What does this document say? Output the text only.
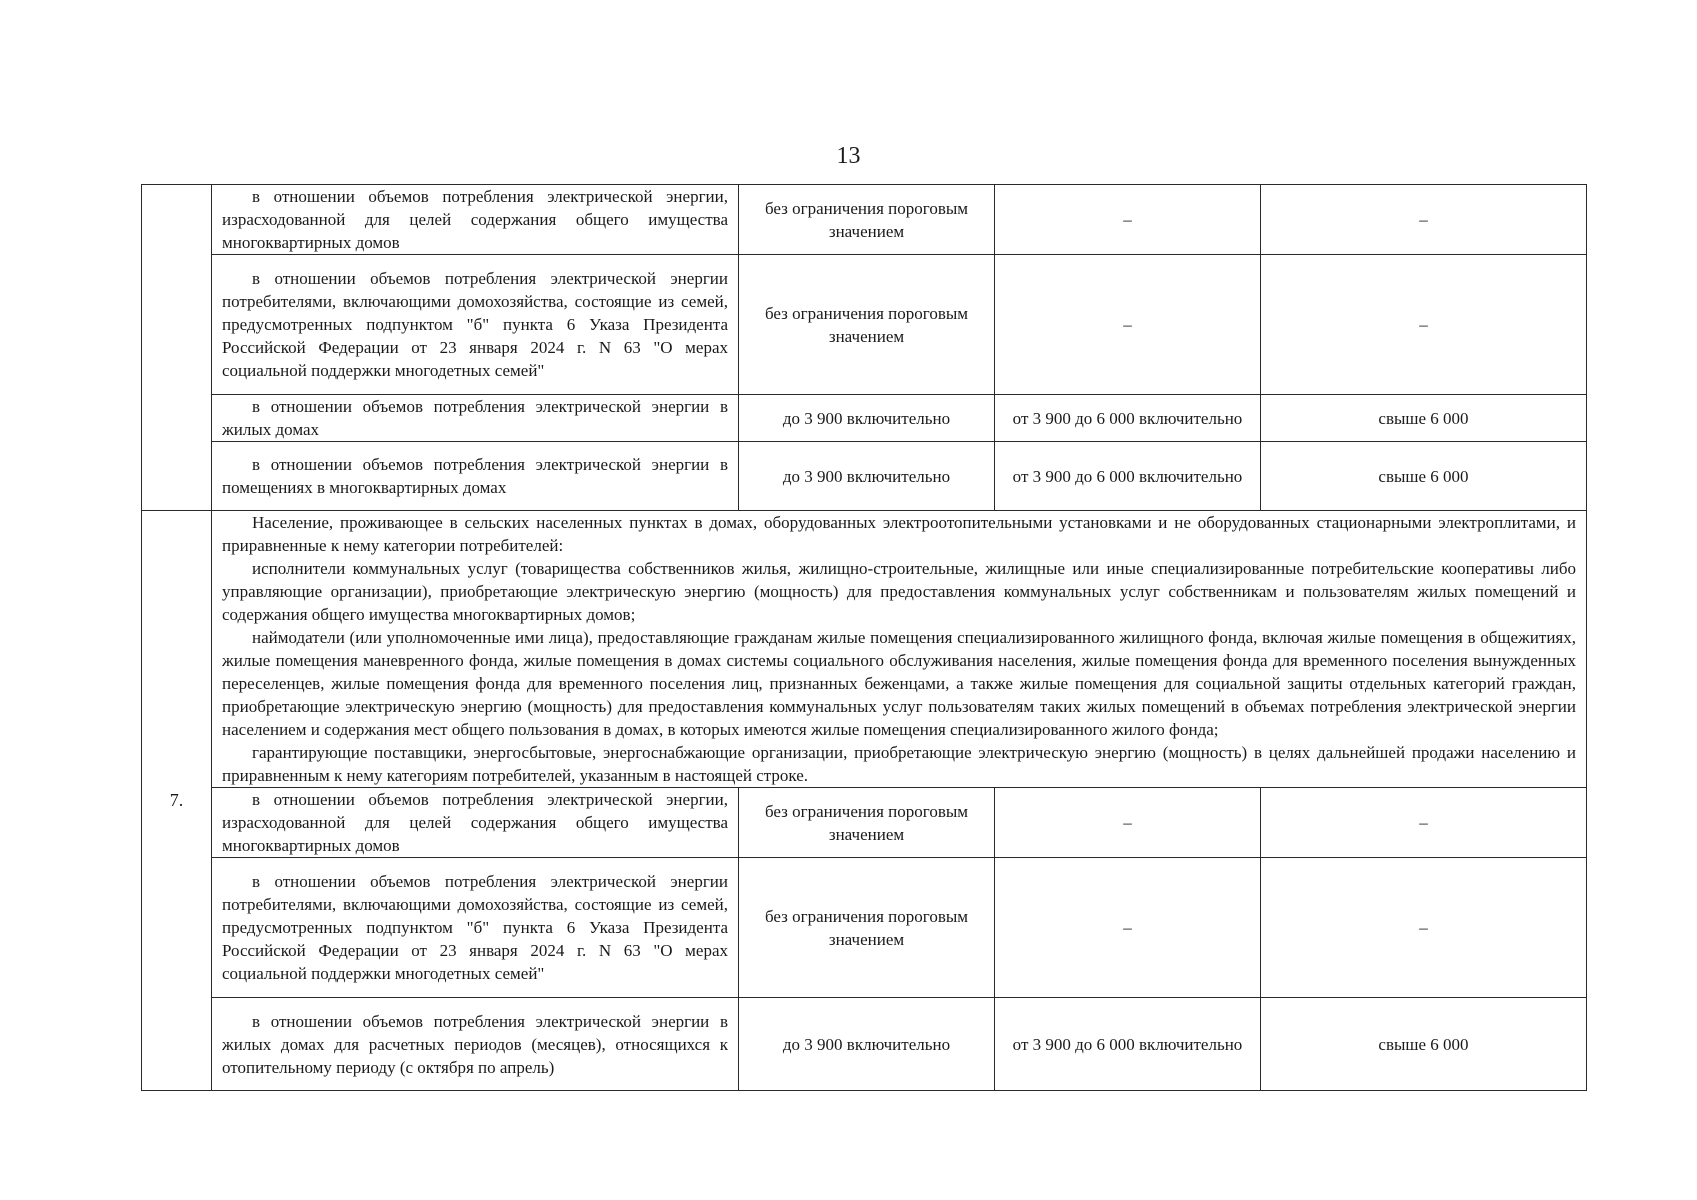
13
	в отношении объемов потребления электрической энергии, израсходованной для целей содержания общего имущества многоквартирных домов	без ограничения пороговым значением	–	–
	в отношении объемов потребления электрической энергии потребителями, включающими домохозяйства, состоящие из семей, предусмотренных подпунктом "б" пункта 6 Указа Президента Российской Федерации от 23 января 2024 г. N 63 "О мерах социальной поддержки многодетных семей"	без ограничения пороговым значением	–	–
	в отношении объемов потребления электрической энергии в жилых домах	до 3 900 включительно	от 3 900 до 6 000 включительно	свыше 6 000
	в отношении объемов потребления электрической энергии в помещениях в многоквартирных домах	до 3 900 включительно	от 3 900 до 6 000 включительно	свыше 6 000
7.	Население, проживающее в сельских населенных пунктах в домах, оборудованных электроотопительными установками и не оборудованных стационарными электроплитами, и приравненные к нему категории потребителей:

исполнители коммунальных услуг (товарищества собственников жилья, жилищно-строительные, жилищные или иные специализированные потребительские кооперативы либо управляющие организации), приобретающие электрическую энергию (мощность) для предоставления коммунальных услуг собственникам и пользователям жилых помещений и содержания общего имущества многоквартирных домов;

наймодатели (или уполномоченные ими лица), предоставляющие гражданам жилые помещения специализированного жилищного фонда, включая жилые помещения в общежитиях, жилые помещения маневренного фонда, жилые помещения в домах системы социального обслуживания населения, жилые помещения фонда для временного поселения вынужденных переселенцев, жилые помещения фонда для временного поселения лиц, признанных беженцами, а также жилые помещения для социальной защиты отдельных категорий граждан, приобретающие электрическую энергию (мощность) для предоставления коммунальных услуг пользователям таких жилых помещений в объемах потребления электрической энергии населением и содержания мест общего пользования в домах, в которых имеются жилые помещения специализированного жилого фонда;

гарантирующие поставщики, энергосбытовые, энергоснабжающие организации, приобретающие электрическую энергию (мощность) в целях дальнейшей продажи населению и приравненным к нему категориям потребителей, указанным в настоящей строке.			

	в отношении объемов потребления электрической энергии, израсходованной для целей содержания общего имущества многоквартирных домов	без ограничения пороговым значением	–	–
	в отношении объемов потребления электрической энергии потребителями, включающими домохозяйства, состоящие из семей, предусмотренных подпунктом "б" пункта 6 Указа Президента Российской Федерации от 23 января 2024 г. N 63 "О мерах социальной поддержки многодетных семей"	без ограничения пороговым значением	–	–
	в отношении объемов потребления электрической энергии в жилых домах для расчетных периодов (месяцев), относящихся к отопительному периоду (с октября по апрель)	до 3 900 включительно	от 3 900 до 6 000 включительно	свыше 6 000
